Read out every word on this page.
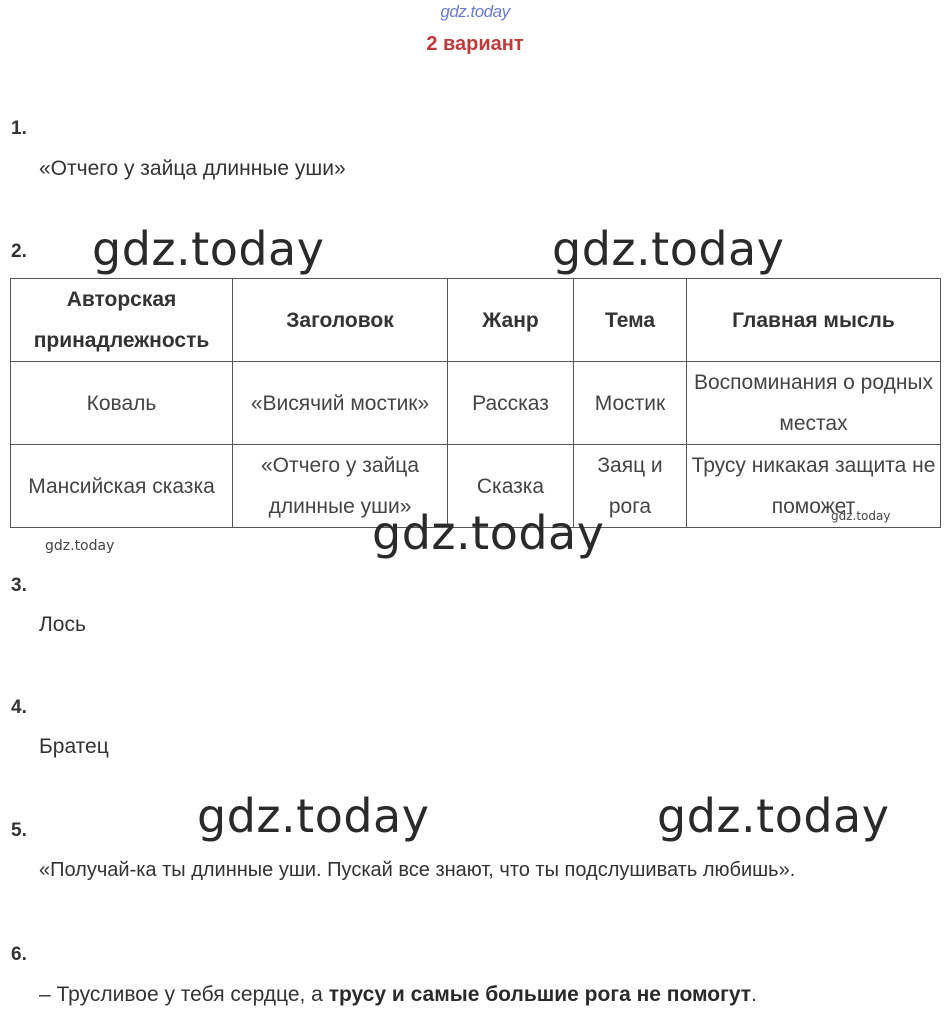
gdz.today
2 вариант
1.
«Отчего у зайца длинные уши»
2.
Авторская принадлежность	Заголовок	Жанр	Тема	Главная мысль
Коваль	«Висячий мостик»	Рассказ	Мостик	Воспоминания о родных местах
Мансийская сказка	«Отчего у зайца длинные уши»	Сказка	Заяц и рога	Трусу никакая защита не поможет
3.
Лось
4.
Братец
5.
«Получай-ка ты длинные уши. Пускай все знают, что ты подслушивать любишь».
6.
– Трусливое у тебя сердце, а трусу и самые большие рога не помогут.
gdz.today	gdz.today
gdz.today
gdz.today	gdz.today
gdz.today
gdz.today
